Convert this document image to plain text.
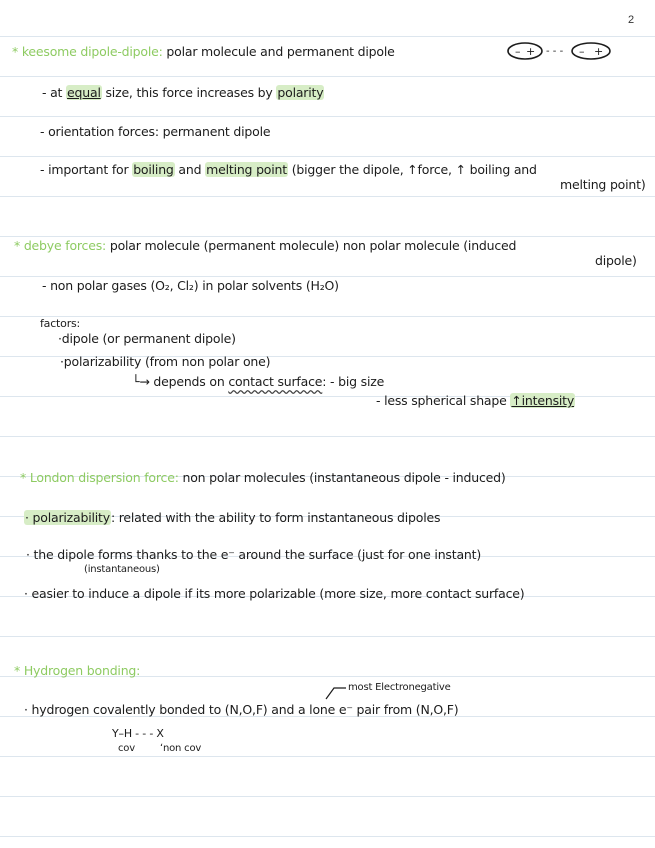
2
* keesome dipole-dipole: polar molecule and permanent dipole	– + - - - – +
- at equal size, this force increases by polarity
- orientation forces: permanent dipole
- important for boiling and melting point (bigger the dipole, ↑force, ↑ boiling and
melting point)
* debye forces: polar molecule (permanent molecule) non polar molecule (induced
dipole)
- non polar gases (O₂, Cl₂) in polar solvents (H₂O)
factors:
·dipole (or permanent dipole)
·polarizability (from non polar one)
└→ depends on contact surface: - big size
- less spherical shape ↑intensity
* London dispersion force: non polar molecules (instantaneous dipole - induced)
· polarizability: related with the ability to form instantaneous dipoles
· the dipole forms thanks to the e⁻ around the surface (just for one instant)
(instantaneous)
· easier to induce a dipole if its more polarizable (more size, more contact surface)
* Hydrogen bonding:
most Electronegative
· hydrogen covalently bonded to (N,O,F) and a lone e⁻ pair from (N,O,F)
Y–H - - - X
cov	ʻnon cov
